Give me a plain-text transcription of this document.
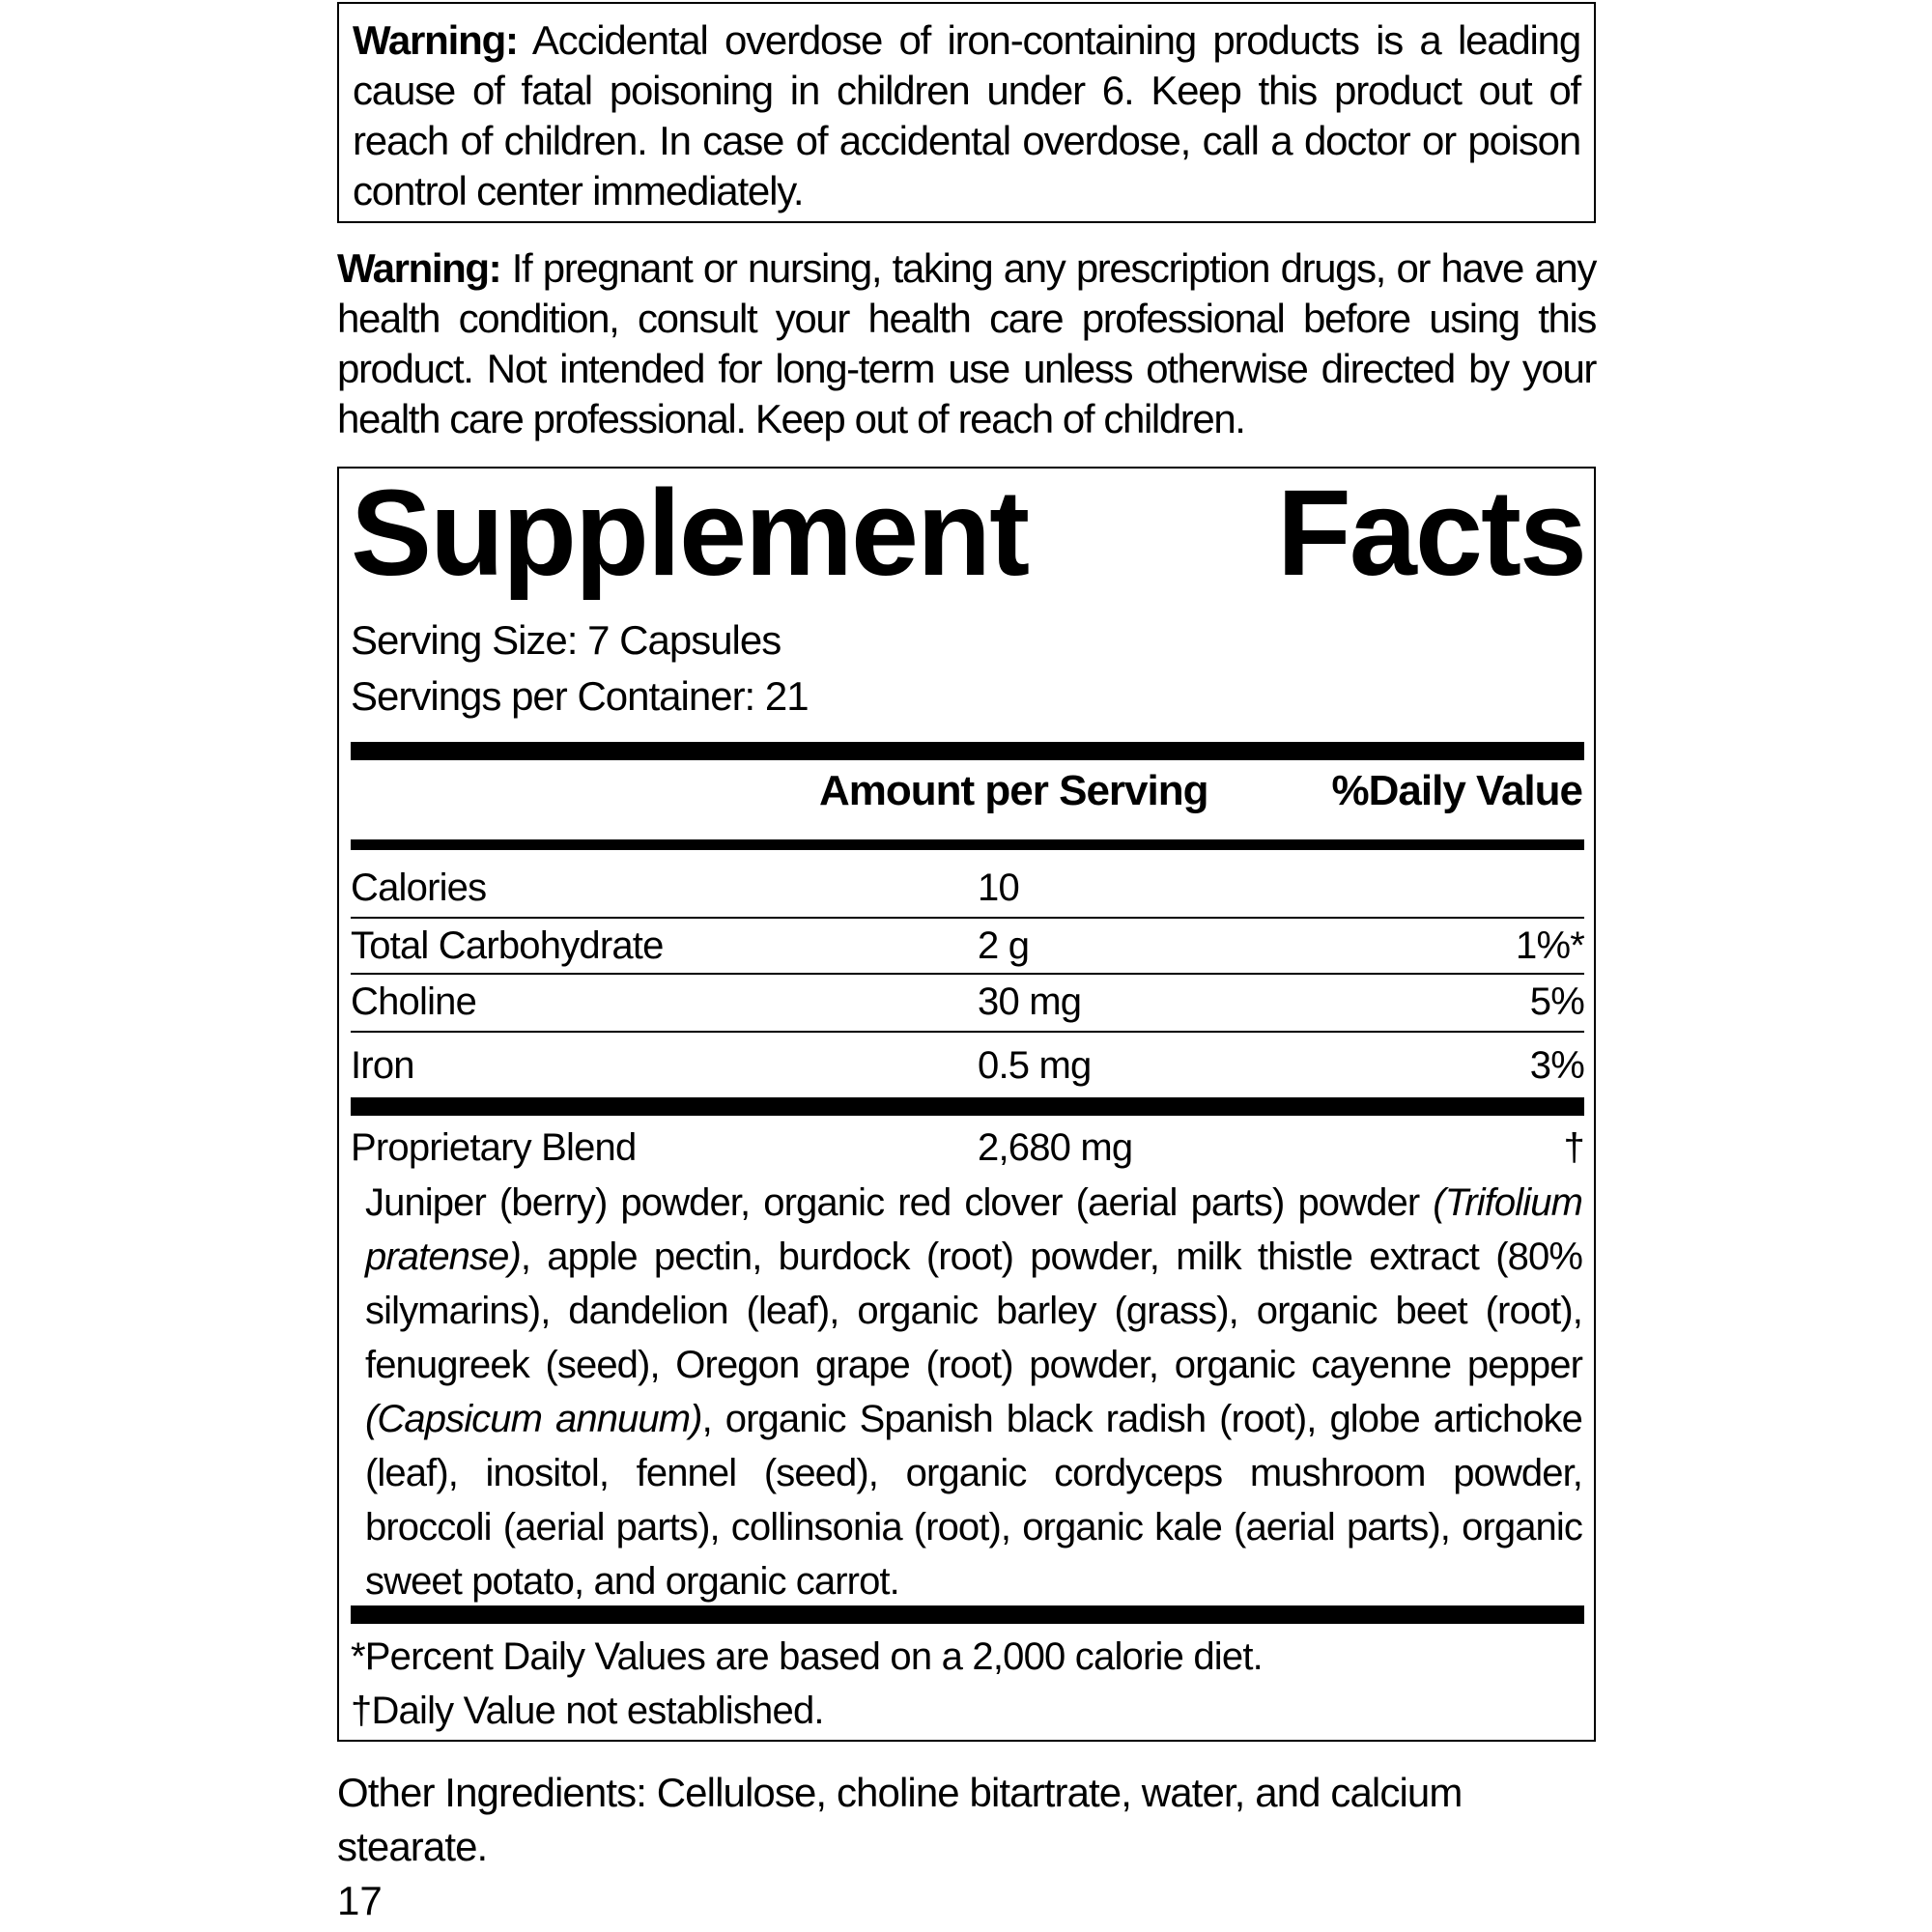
Warning: Accidental overdose of iron-containing products is a leading cause of fatal poisoning in children under 6. Keep this product out of reach of children. In case of accidental overdose, call a doctor or poison control center immediately.
Warning: If pregnant or nursing, taking any prescription drugs, or have any health condition, consult your health care professional before using this product. Not intended for long-term use unless otherwise directed by your health care professional. Keep out of reach of children.
Supplement Facts
Serving Size: 7 Capsules
Servings per Container: 21
Amount per Serving	%Daily Value
Calories	10
Total Carbohydrate	2 g	1%*
Choline	30 mg	5%
Iron	0.5 mg	3%
Proprietary Blend	2,680 mg	†
Juniper (berry) powder, organic red clover (aerial parts) powder (Trifolium pratense), apple pectin, burdock (root) powder, milk thistle extract (80% silymarins), dandelion (leaf), organic barley (grass), organic beet (root), fenugreek (seed), Oregon grape (root) powder, organic cayenne pepper (Capsicum annuum), organic Spanish black radish (root), globe artichoke (leaf), inositol, fennel (seed), organic cordyceps mushroom powder, broccoli (aerial parts), collinsonia (root), organic kale (aerial parts), organic sweet potato, and organic carrot.
*Percent Daily Values are based on a 2,000 calorie diet.
†Daily Value not established.
Other Ingredients: Cellulose, choline bitartrate, water, and calcium stearate.
17
